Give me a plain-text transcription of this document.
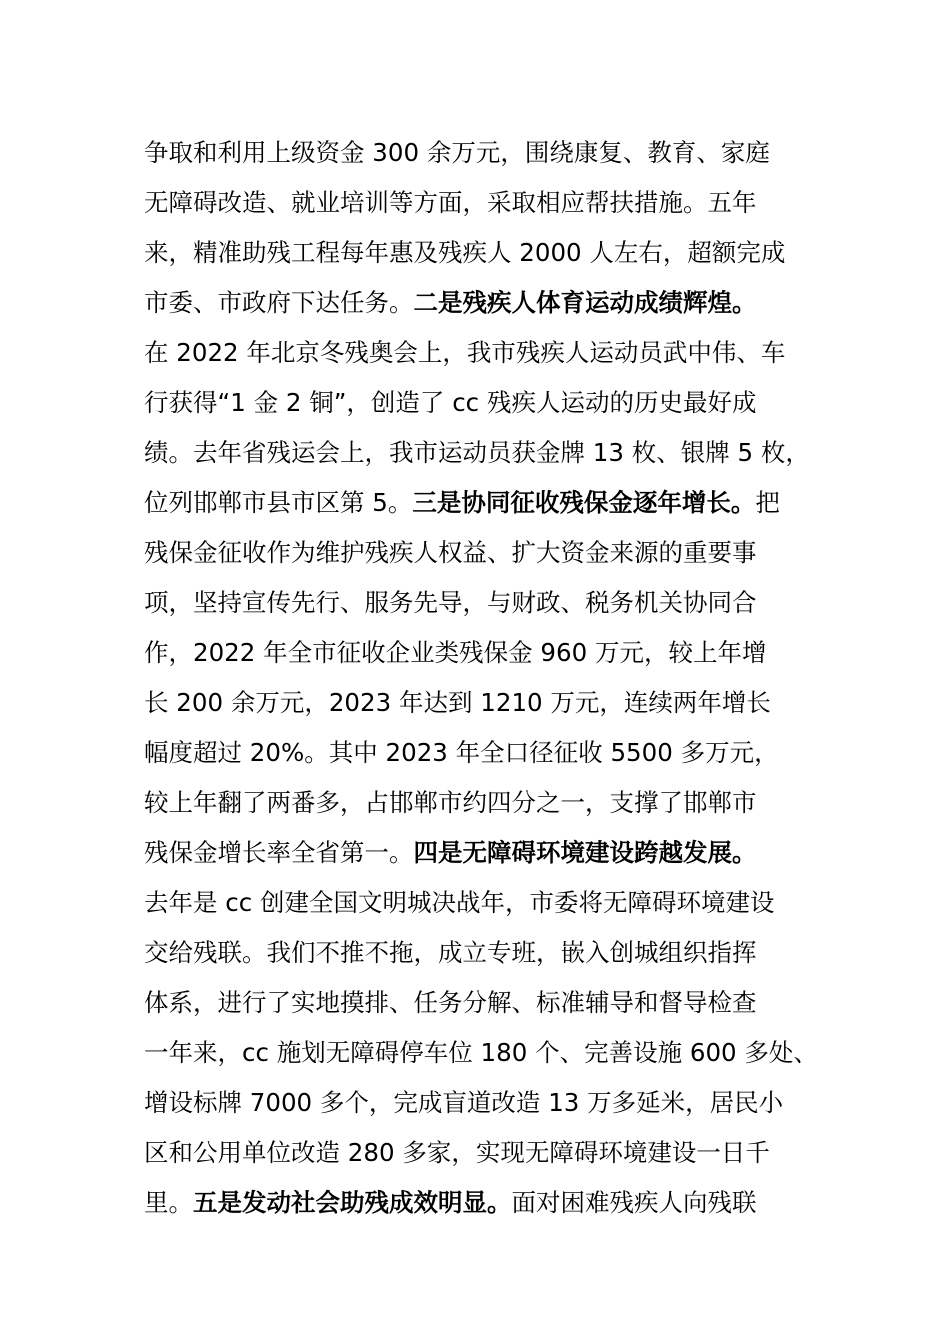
争取和利用上级资金 300 余万元，围绕康复、教育、家庭
无障碍改造、就业培训等方面，采取相应帮扶措施。五年
来，精准助残工程每年惠及残疾人 2000 人左右，超额完成
市委、市政府下达任务。二是残疾人体育运动成绩辉煌。
在 2022 年北京冬残奥会上，我市残疾人运动员武中伟、车
行获得“1 金 2 铜”，创造了 cc 残疾人运动的历史最好成
绩。去年省残运会上，我市运动员获金牌 13 枚、银牌 5 枚，
位列邯郸市县市区第 5。三是协同征收残保金逐年增长。把
残保金征收作为维护残疾人权益、扩大资金来源的重要事
项，坚持宣传先行、服务先导，与财政、税务机关协同合
作，2022 年全市征收企业类残保金 960 万元，较上年增
长 200 余万元，2023 年达到 1210 万元，连续两年增长
幅度超过 20%。其中 2023 年全口径征收 5500 多万元，
较上年翻了两番多，占邯郸市约四分之一，支撑了邯郸市
残保金增长率全省第一。四是无障碍环境建设跨越发展。
去年是 cc 创建全国文明城决战年，市委将无障碍环境建设
交给残联。我们不推不拖，成立专班，嵌入创城组织指挥
体系，进行了实地摸排、任务分解、标准辅导和督导检查
一年来，cc 施划无障碍停车位 180 个、完善设施 600 多处、
增设标牌 7000 多个，完成盲道改造 13 万多延米，居民小
区和公用单位改造 280 多家，实现无障碍环境建设一日千
里。五是发动社会助残成效明显。面对困难残疾人向残联
